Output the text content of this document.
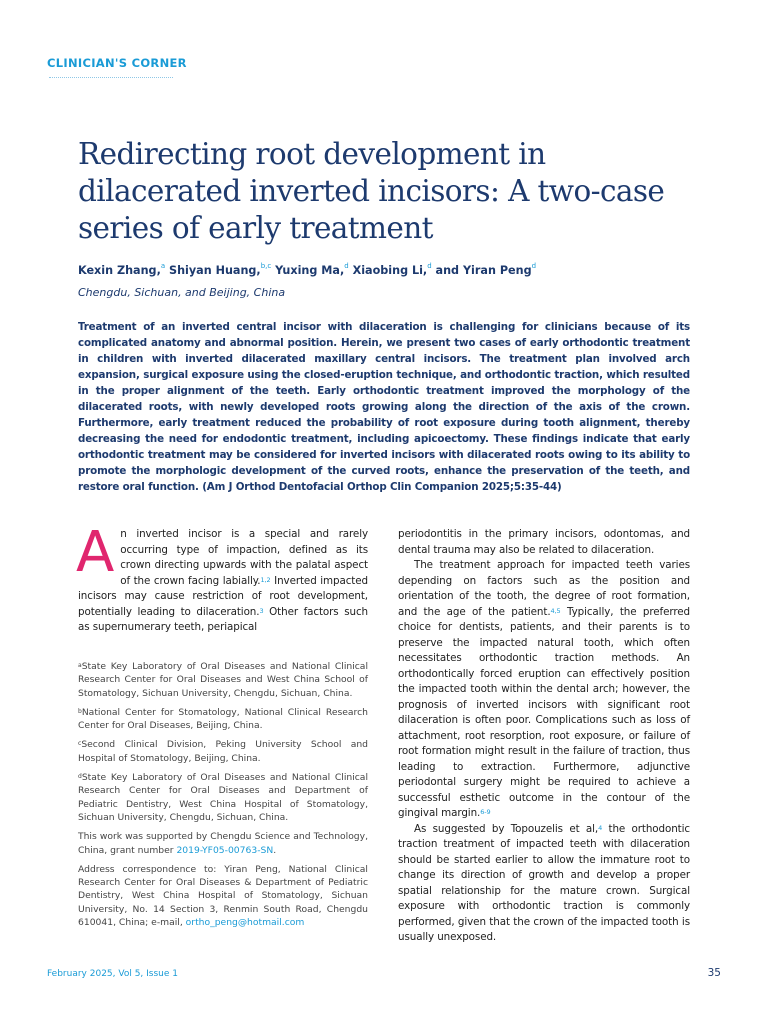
CLINICIAN'S CORNER
Redirecting root development in dilacerated inverted incisors: A two-case series of early treatment
Kexin Zhang,$^a$ Shiyan Huang,$^{b,c}$ Yuxing Ma,$^d$ Xiaobing Li,$^d$ and Yiran Peng$^d$
Chengdu, Sichuan, and Beijing, China

Treatment of an inverted central incisor with dilaceration is challenging for clinicians because of its complicated anatomy and abnormal position. Herein, we present two cases of early orthodontic treatment in children with inverted dilacerated maxillary central incisors. The treatment plan involved arch expansion, surgical exposure using the closed-eruption technique, and orthodontic traction, which resulted in the proper alignment of the teeth. Early orthodontic treatment improved the morphology of the dilacerated roots, with newly developed roots growing along the direction of the axis of the crown. Furthermore, early treatment reduced the probability of root exposure during tooth alignment, thereby decreasing the need for endodontic treatment, including apicoectomy. These findings indicate that early orthodontic treatment may be considered for inverted incisors with dilacerated roots owing to its ability to promote the morphologic development of the curved roots, enhance the preservation of the teeth, and restore oral function. (Am J Orthod Dentofacial Orthop Clin Companion 2025;5:35-44)

An inverted incisor is a special and rarely occurring type of impaction, defined as its crown directing upwards with the palatal aspect of the crown facing labially.$^{1,2}$ Inverted impacted incisors may cause restriction of root development, potentially leading to dilaceration.$^3$ Other factors such as supernumerary teeth, periapical

$^a$State Key Laboratory of Oral Diseases and National Clinical Research Center for Oral Diseases and West China School of Stomatology, Sichuan University, Chengdu, Sichuan, China.

$^b$National Center for Stomatology, National Clinical Research Center for Oral Diseases, Beijing, China.

$^c$Second Clinical Division, Peking University School and Hospital of Stomatology, Beijing, China.

$^d$State Key Laboratory of Oral Diseases and National Clinical Research Center for Oral Diseases and Department of Pediatric Dentistry, West China Hospital of Stomatology, Sichuan University, Chengdu, Sichuan, China.

This work was supported by Chengdu Science and Technology, China, grant number 2019-YF05-00763-SN.

Address correspondence to: Yiran Peng, National Clinical Research Center for Oral Diseases & Department of Pediatric Dentistry, West China Hospital of Stomatology, Sichuan University, No. 14 Section 3, Renmin South Road, Chengdu 610041, China; e-mail, ortho_peng@hotmail.com

periodontitis in the primary incisors, odontomas, and dental trauma may also be related to dilaceration.

The treatment approach for impacted teeth varies depending on factors such as the position and orientation of the tooth, the degree of root formation, and the age of the patient.$^{4,5}$ Typically, the preferred choice for dentists, patients, and their parents is to preserve the impacted natural tooth, which often necessitates orthodontic traction methods. An orthodontically forced eruption can effectively position the impacted tooth within the dental arch; however, the prognosis of inverted incisors with significant root dilaceration is often poor. Complications such as loss of attachment, root resorption, root exposure, or failure of root formation might result in the failure of traction, thus leading to extraction. Furthermore, adjunctive periodontal surgery might be required to achieve a successful esthetic outcome in the contour of the gingival margin.$^{6-9}$

As suggested by Topouzelis et al,$^4$ the orthodontic traction treatment of impacted teeth with dilaceration should be started earlier to allow the immature root to change its direction of growth and develop a proper spatial relationship for the mature crown. Surgical exposure with orthodontic traction is commonly performed, given that the crown of the impacted tooth is usually unexposed.

February 2025, Vol 5, Issue 1	35
